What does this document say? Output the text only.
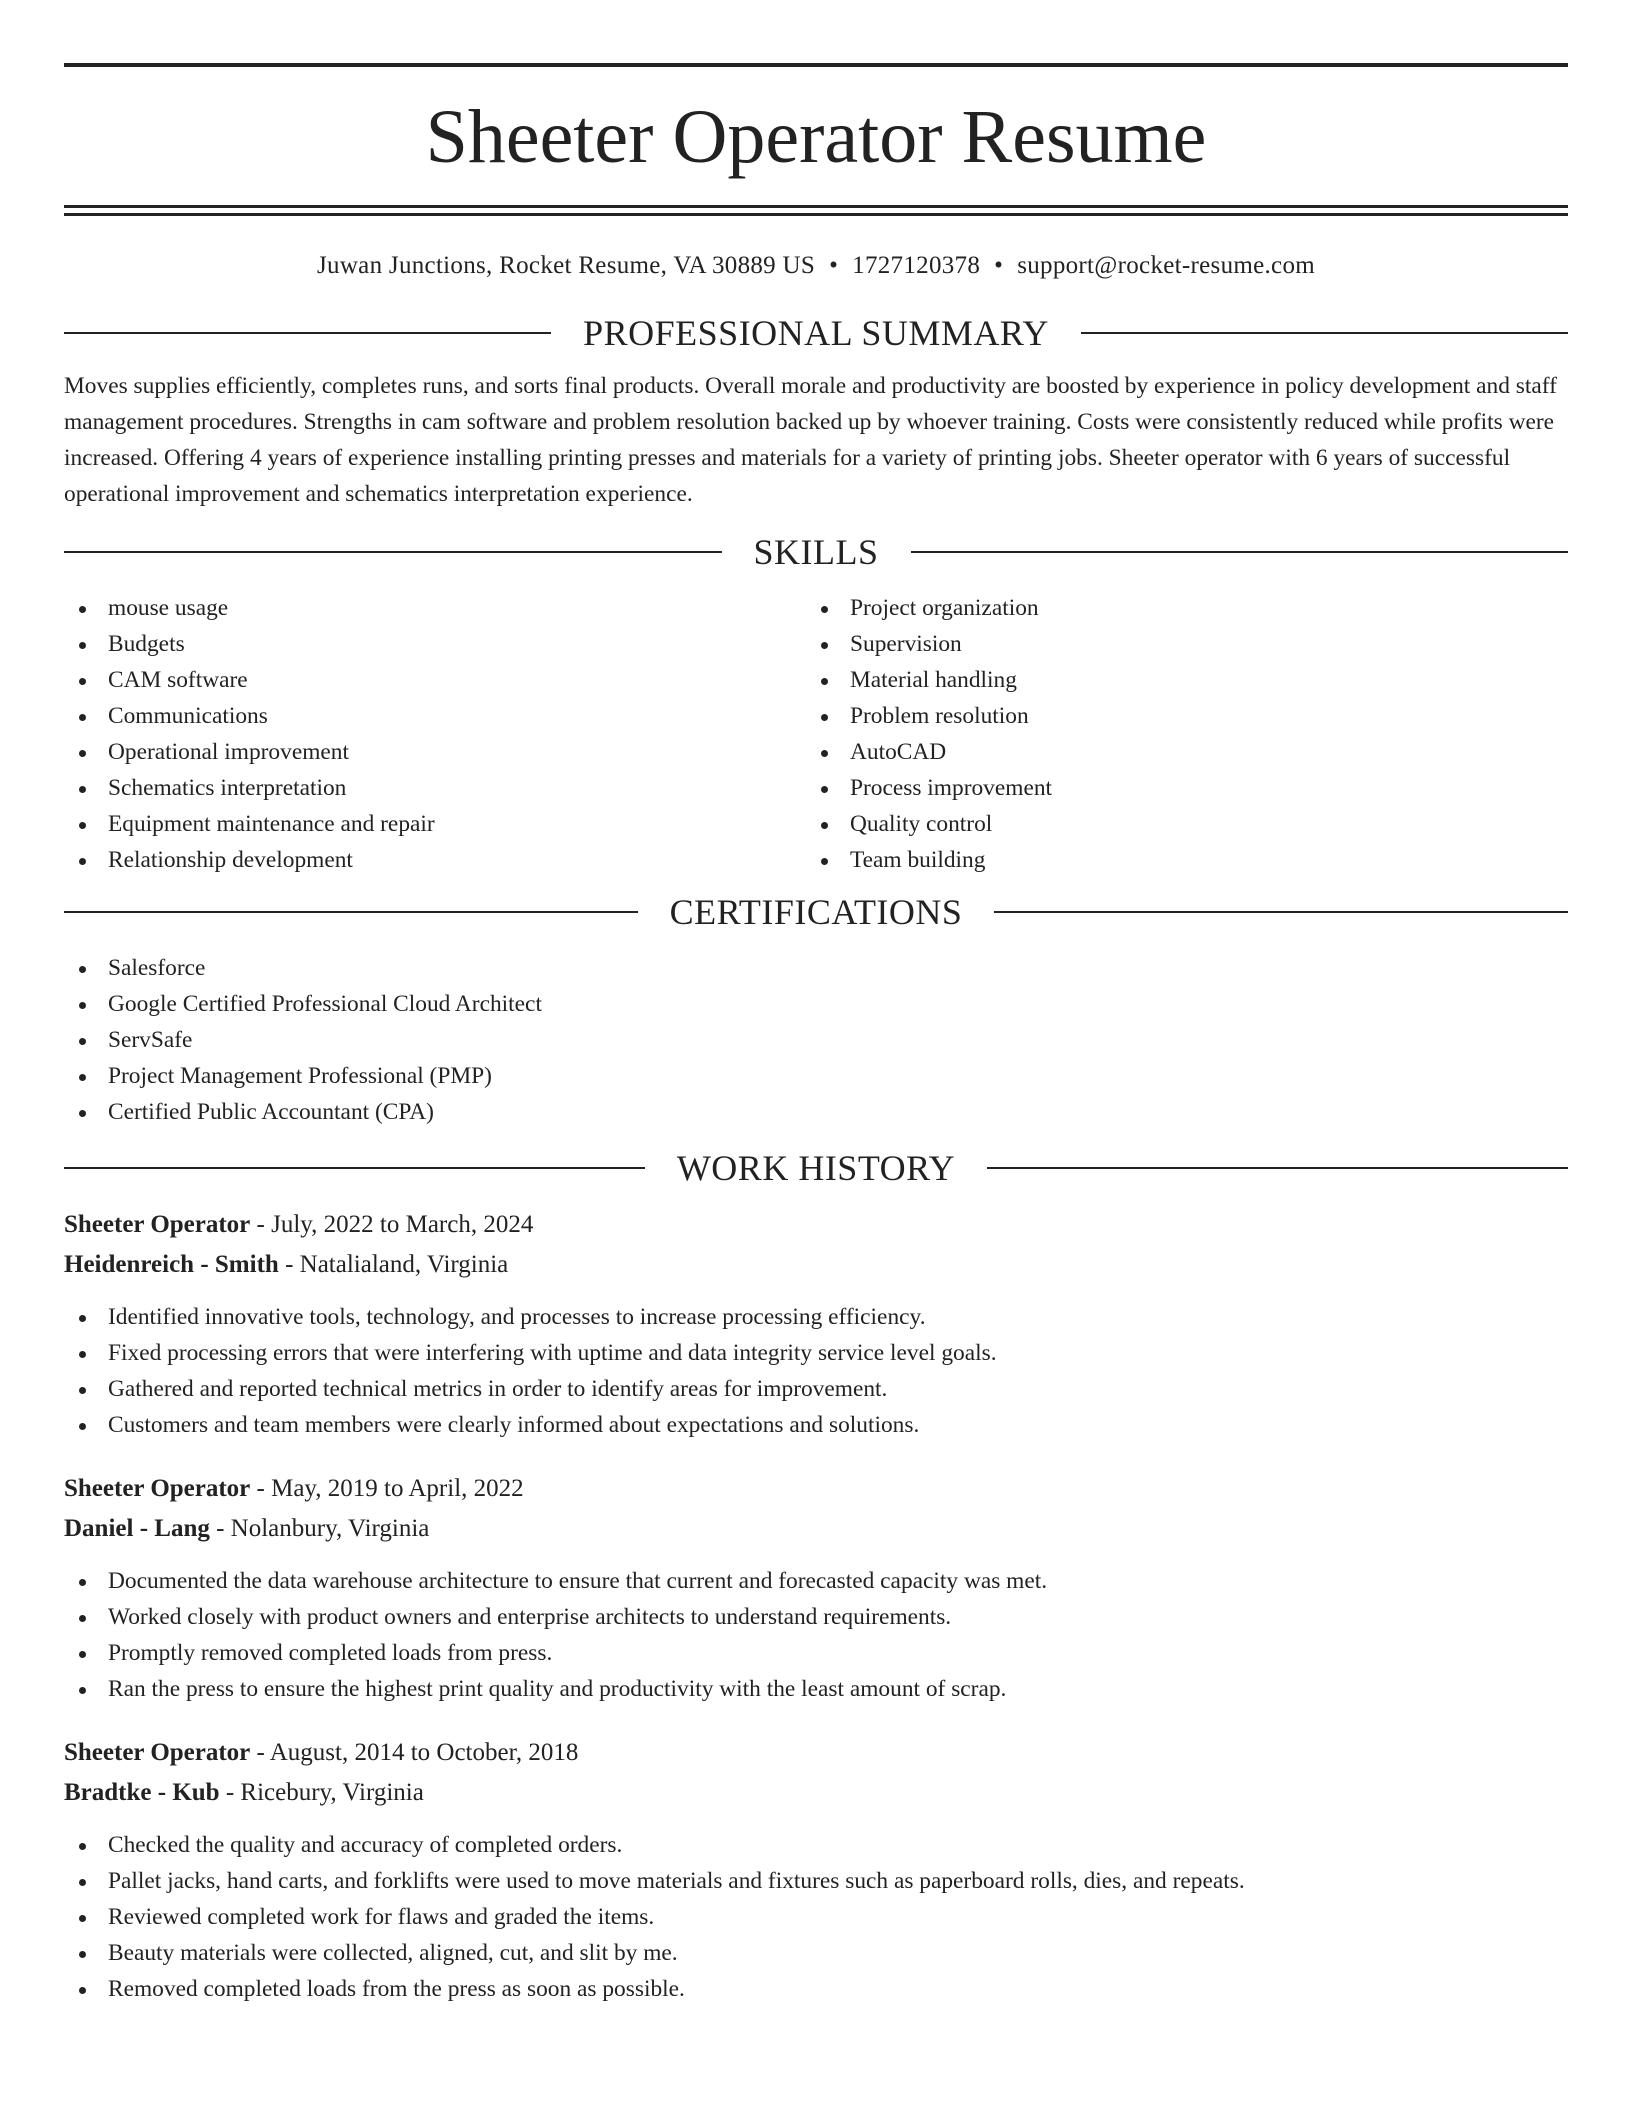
Sheeter Operator Resume
Juwan Junctions, Rocket Resume, VA 30889 US • 1727120378 • support@rocket-resume.com
PROFESSIONAL SUMMARY

Moves supplies efficiently, completes runs, and sorts final products. Overall morale and productivity are boosted by experience in policy development and staff management procedures. Strengths in cam software and problem resolution backed up by whoever training. Costs were consistently reduced while profits were increased. Offering 4 years of experience installing printing presses and materials for a variety of printing jobs. Sheeter operator with 6 years of successful operational improvement and schematics interpretation experience.

SKILLS
mouse usage
Budgets
CAM software
Communications
Operational improvement
Schematics interpretation
Equipment maintenance and repair
Relationship development
Project organization
Supervision
Material handling
Problem resolution
AutoCAD
Process improvement
Quality control
Team building
CERTIFICATIONS
Salesforce
Google Certified Professional Cloud Architect
ServSafe
Project Management Professional (PMP)
Certified Public Accountant (CPA)
WORK HISTORY
Sheeter Operator - July, 2022 to March, 2024
Heidenreich - Smith - Natalialand, Virginia
Identified innovative tools, technology, and processes to increase processing efficiency.
Fixed processing errors that were interfering with uptime and data integrity service level goals.
Gathered and reported technical metrics in order to identify areas for improvement.
Customers and team members were clearly informed about expectations and solutions.
Sheeter Operator - May, 2019 to April, 2022
Daniel - Lang - Nolanbury, Virginia
Documented the data warehouse architecture to ensure that current and forecasted capacity was met.
Worked closely with product owners and enterprise architects to understand requirements.
Promptly removed completed loads from press.
Ran the press to ensure the highest print quality and productivity with the least amount of scrap.
Sheeter Operator - August, 2014 to October, 2018
Bradtke - Kub - Ricebury, Virginia
Checked the quality and accuracy of completed orders.
Pallet jacks, hand carts, and forklifts were used to move materials and fixtures such as paperboard rolls, dies, and repeats.
Reviewed completed work for flaws and graded the items.
Beauty materials were collected, aligned, cut, and slit by me.
Removed completed loads from the press as soon as possible.
